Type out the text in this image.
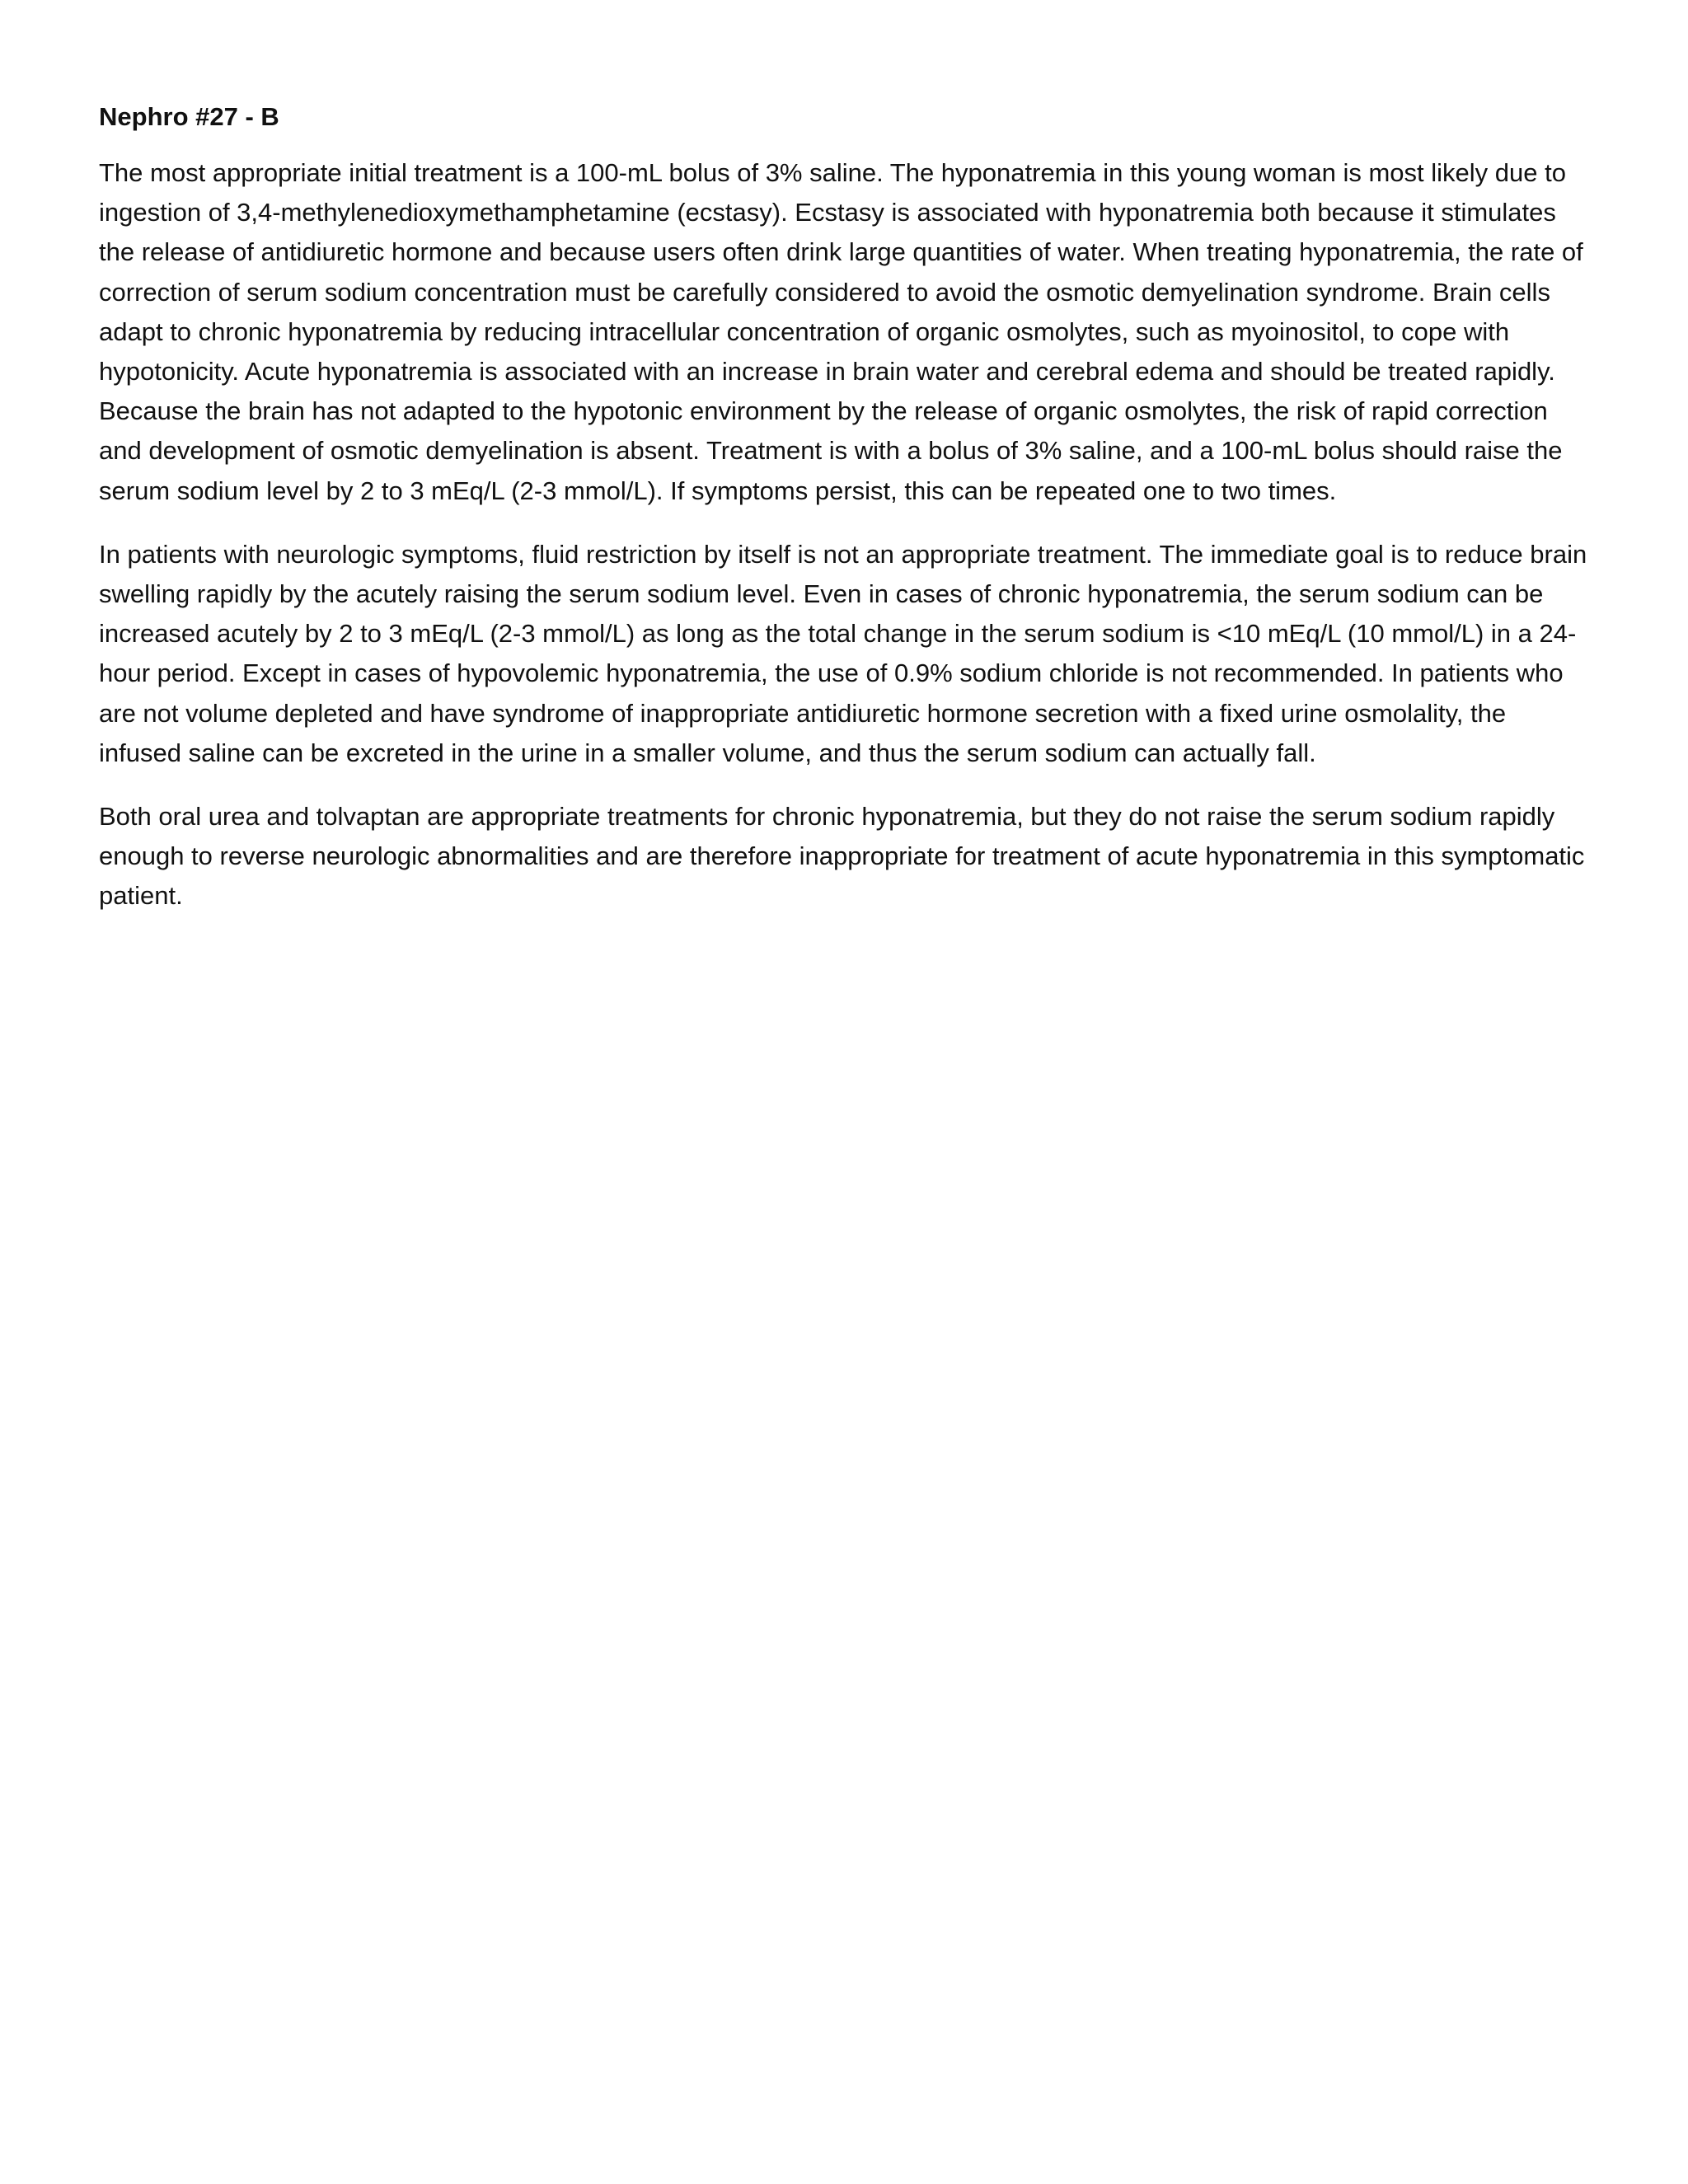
Nephro #27 - B

The most appropriate initial treatment is a 100-mL bolus of 3% saline. The hyponatremia in this young woman is most likely due to ingestion of 3,4-methylenedioxymethamphetamine (ecstasy). Ecstasy is associated with hyponatremia both because it stimulates the release of antidiuretic hormone and because users often drink large quantities of water. When treating hyponatremia, the rate of correction of serum sodium concentration must be carefully considered to avoid the osmotic demyelination syndrome. Brain cells adapt to chronic hyponatremia by reducing intracellular concentration of organic osmolytes, such as myoinositol, to cope with hypotonicity. Acute hyponatremia is associated with an increase in brain water and cerebral edema and should be treated rapidly. Because the brain has not adapted to the hypotonic environment by the release of organic osmolytes, the risk of rapid correction and development of osmotic demyelination is absent. Treatment is with a bolus of 3% saline, and a 100-mL bolus should raise the serum sodium level by 2 to 3 mEq/L (2-3 mmol/L). If symptoms persist, this can be repeated one to two times.

In patients with neurologic symptoms, fluid restriction by itself is not an appropriate treatment. The immediate goal is to reduce brain swelling rapidly by the acutely raising the serum sodium level. Even in cases of chronic hyponatremia, the serum sodium can be increased acutely by 2 to 3 mEq/L (2-3 mmol/L) as long as the total change in the serum sodium is <10 mEq/L (10 mmol/L) in a 24-hour period. Except in cases of hypovolemic hyponatremia, the use of 0.9% sodium chloride is not recommended. In patients who are not volume depleted and have syndrome of inappropriate antidiuretic hormone secretion with a fixed urine osmolality, the infused saline can be excreted in the urine in a smaller volume, and thus the serum sodium can actually fall.

Both oral urea and tolvaptan are appropriate treatments for chronic hyponatremia, but they do not raise the serum sodium rapidly enough to reverse neurologic abnormalities and are therefore inappropriate for treatment of acute hyponatremia in this symptomatic patient.
